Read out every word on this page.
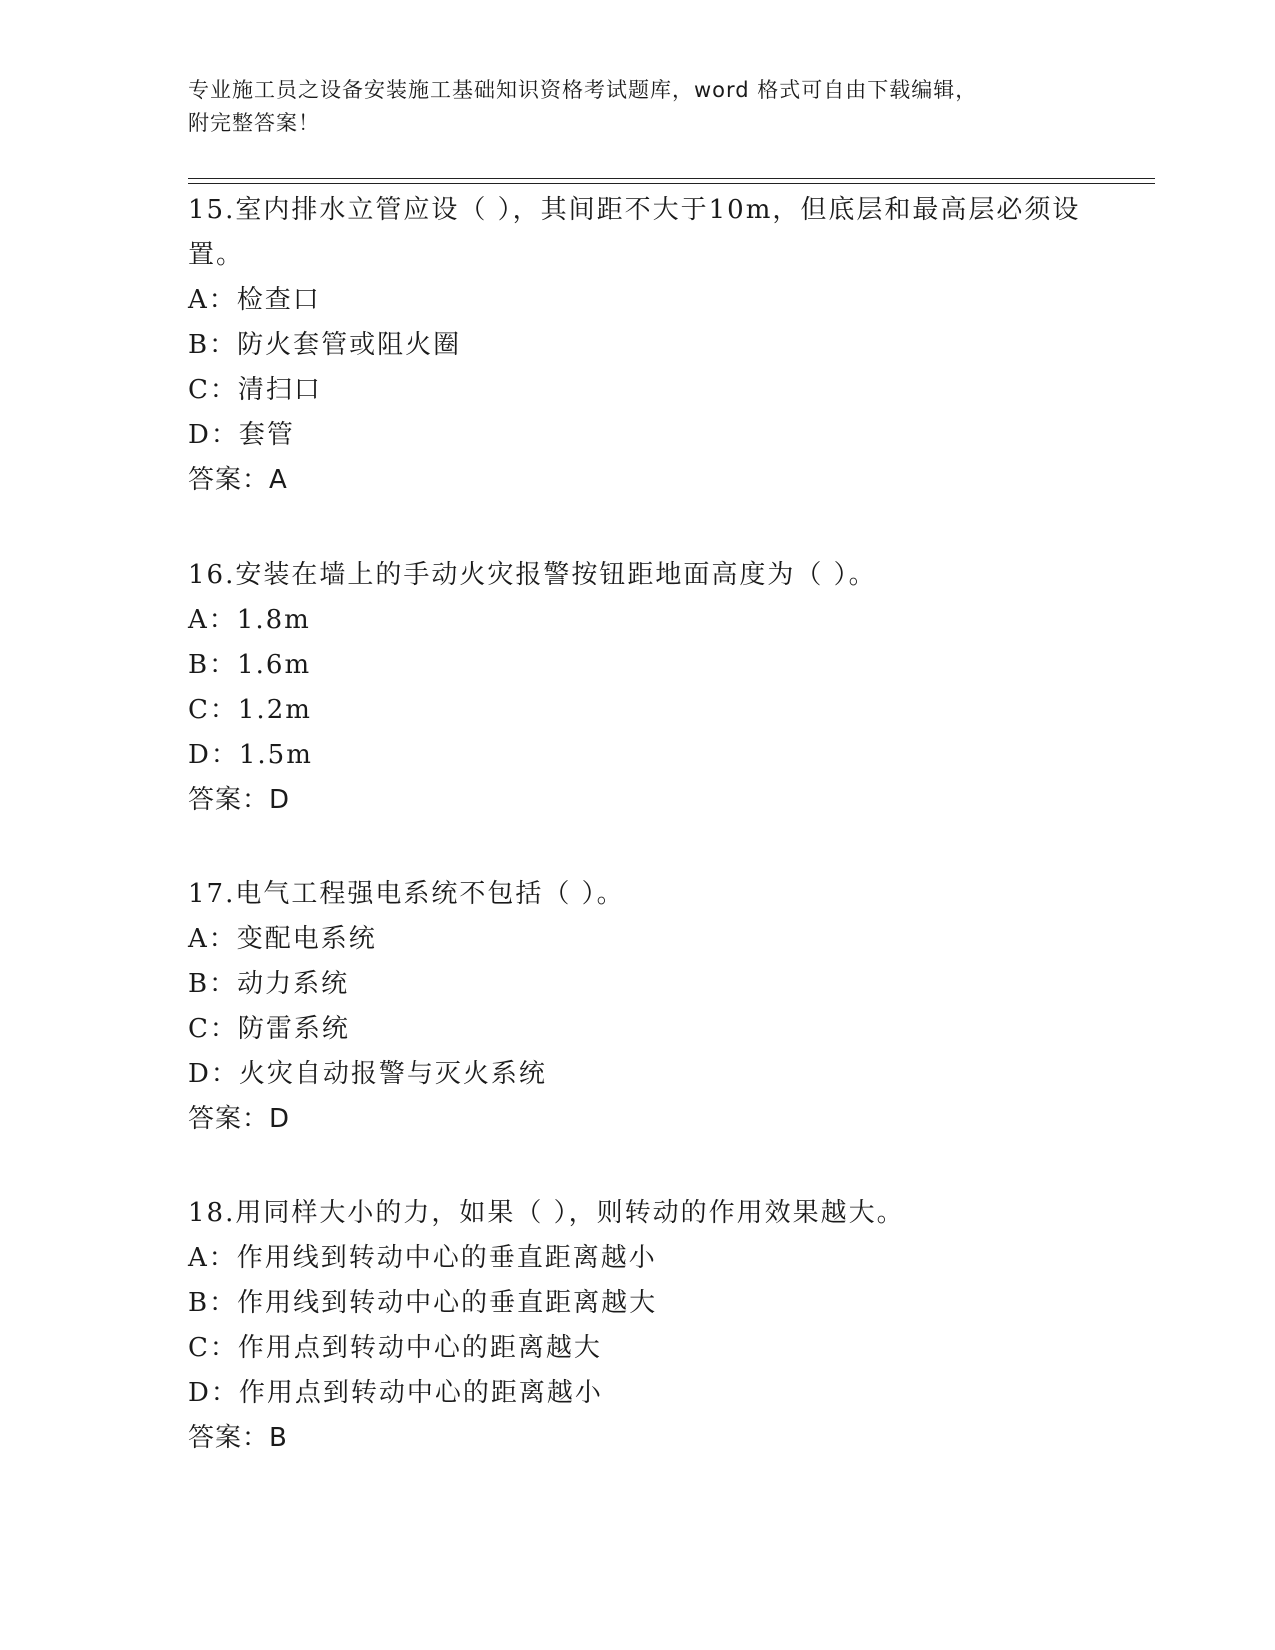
专业施工员之设备安装施工基础知识资格考试题库，word 格式可自由下载编辑，
附完整答案！

15.室内排水立管应设（ ），其间距不大于10m，但底层和最高层必须设置。

A：检查口

B：防火套管或阻火圈

C：清扫口

D：套管

答案：A

16.安装在墙上的手动火灾报警按钮距地面高度为（ ）。

A：1.8m

B：1.6m

C：1.2m

D：1.5m

答案：D

17.电气工程强电系统不包括（ ）。

A：变配电系统

B：动力系统

C：防雷系统

D：火灾自动报警与灭火系统

答案：D

18.用同样大小的力，如果（ ），则转动的作用效果越大。

A：作用线到转动中心的垂直距离越小

B：作用线到转动中心的垂直距离越大

C：作用点到转动中心的距离越大

D：作用点到转动中心的距离越小

答案：B
